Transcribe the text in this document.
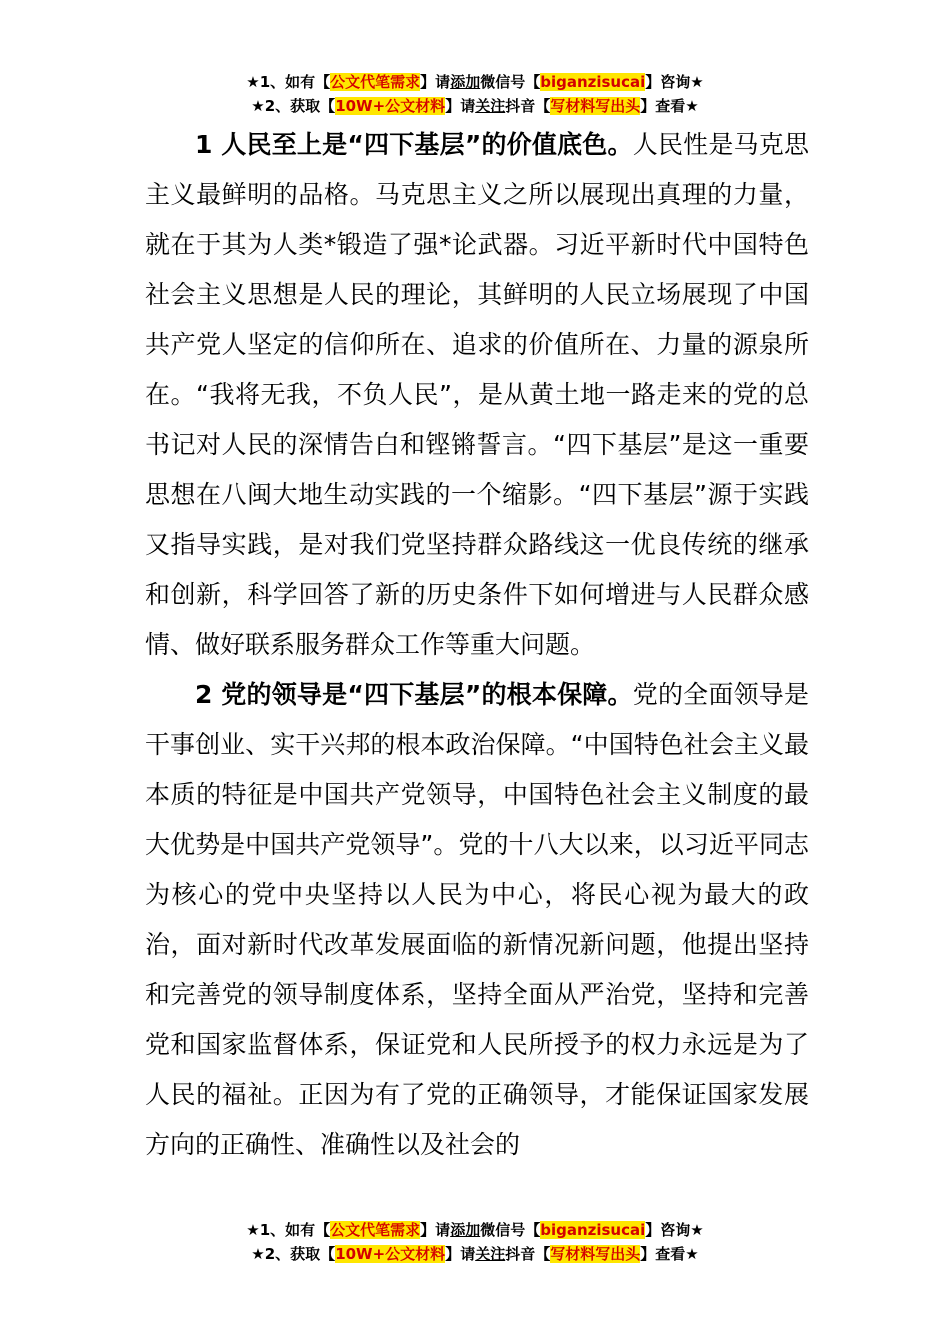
★1、如有【公文代笔需求】请添加微信号【biganzisucai】咨询★
★2、获取【10W+公文材料】请关注抖音【写材料写出头】查看★

1 人民至上是“四下基层”的价值底色。人民性是马克思主义最鲜明的品格。马克思主义之所以展现出真理的力量，就在于其为人类*锻造了强*论武器。习近平新时代中国特色社会主义思想是人民的理论，其鲜明的人民立场展现了中国共产党人坚定的信仰所在、追求的价值所在、力量的源泉所在。“我将无我，不负人民”，是从黄土地一路走来的党的总书记对人民的深情告白和铿锵誓言。“四下基层”是这一重要思想在八闽大地生动实践的一个缩影。“四下基层”源于实践又指导实践，是对我们党坚持群众路线这一优良传统的继承和创新，科学回答了新的历史条件下如何增进与人民群众感情、做好联系服务群众工作等重大问题。

2 党的领导是“四下基层”的根本保障。党的全面领导是干事创业、实干兴邦的根本政治保障。“中国特色社会主义最本质的特征是中国共产党领导，中国特色社会主义制度的最大优势是中国共产党领导”。党的十八大以来，以习近平同志为核心的党中央坚持以人民为中心，将民心视为最大的政治，面对新时代改革发展面临的新情况新问题，他提出坚持和完善党的领导制度体系，坚持全面从严治党，坚持和完善党和国家监督体系，保证党和人民所授予的权力永远是为了人民的福祉。正因为有了党的正确领导，才能保证国家发展方向的正确性、准确性以及社会的

★1、如有【公文代笔需求】请添加微信号【biganzisucai】咨询★
★2、获取【10W+公文材料】请关注抖音【写材料写出头】查看★
